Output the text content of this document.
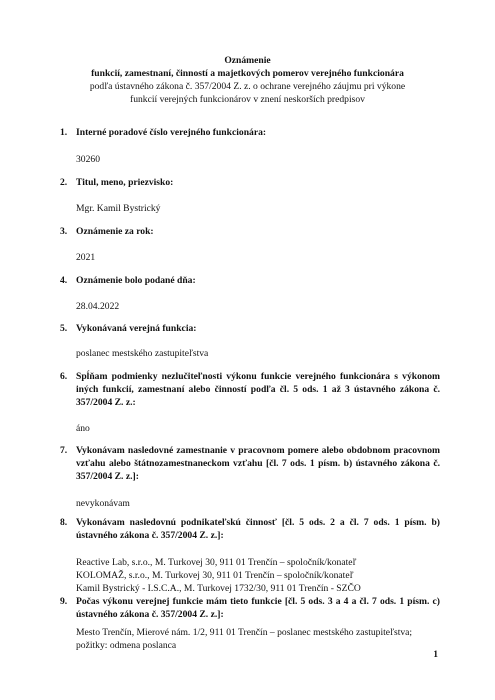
Oznámenie
funkcií, zamestnaní, činností a majetkových pomerov verejného funkcionára
podľa ústavného zákona č. 357/2004 Z. z. o ochrane verejného záujmu pri výkone
funkcií verejných funkcionárov v znení neskorších predpisov
1. Interné poradové číslo verejného funkcionára:
30260
2. Titul, meno, priezvisko:
Mgr. Kamil Bystrický
3. Oznámenie za rok:
2021
4. Oznámenie bolo podané dňa:
28.04.2022
5. Vykonávaná verejná funkcia:
poslanec mestského zastupiteľstva
6. Spĺňam podmienky nezlučiteľnosti výkonu funkcie verejného funkcionára s výkonom iných funkcií, zamestnaní alebo činností podľa čl. 5 ods. 1 až 3 ústavného zákona č. 357/2004 Z. z.:
áno
7. Vykonávam nasledovné zamestnanie v pracovnom pomere alebo obdobnom pracovnom vzťahu alebo štátnozamestnaneckom vzťahu [čl. 7 ods. 1 písm. b) ústavného zákona č. 357/2004 Z. z.]:
nevykonávam
8. Vykonávam nasledovnú podnikateľskú činnosť [čl. 5 ods. 2 a čl. 7 ods. 1 písm. b) ústavného zákona č. 357/2004 Z. z.]:
Reactive Lab, s.r.o., M. Turkovej 30, 911 01 Trenčín – spoločník/konateľ
KOLOMAŽ, s.r.o., M. Turkovej 30, 911 01 Trenčín – spoločník/konateľ
Kamil Bystrický - I.S.C.A., M. Turkovej 1732/30, 911 01 Trenčín - SZČO
9. Počas výkonu verejnej funkcie mám tieto funkcie [čl. 5 ods. 3 a 4 a čl. 7 ods. 1 písm. c) ústavného zákona č. 357/2004 Z. z.]:
Mesto Trenčín, Mierové nám. 1/2, 911 01 Trenčín – poslanec mestského zastupiteľstva;
požitky: odmena poslanca
1
